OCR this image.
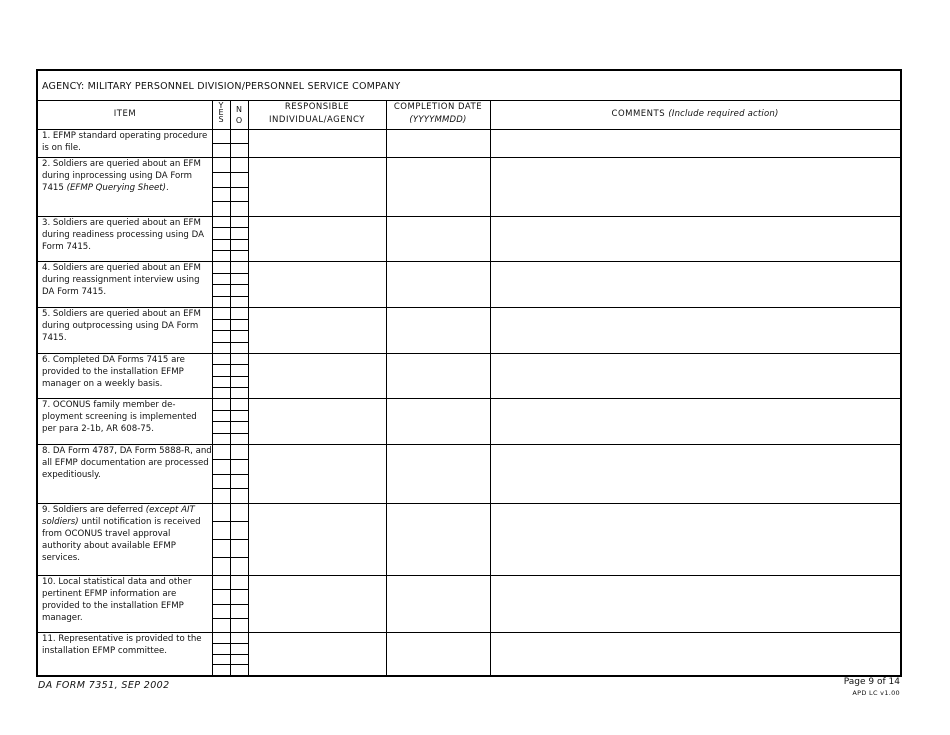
AGENCY: MILITARY PERSONNEL DIVISION/PERSONNEL SERVICE COMPANY
ITEM
Y
E
S
N
O
RESPONSIBLE
INDIVIDUAL/AGENCY
COMPLETION DATE
(YYYYMMDD)
COMMENTS (Include required action)
1. EFMP standard operating procedure is on file.
2. Soldiers are queried about an EFM during inprocessing using DA Form 7415 (EFMP Querying Sheet).
3. Soldiers are queried about an EFM during readiness processing using DA Form 7415.
4. Soldiers are queried about an EFM during reassignment interview using DA Form 7415.
5. Soldiers are queried about an EFM during outprocessing using DA Form 7415.
6. Completed DA Forms 7415 are provided to the installation EFMP manager on a weekly basis.
7. OCONUS family member de-ployment screening is implemented per para 2-1b, AR 608-75.
8. DA Form 4787, DA Form 5888-R, and all EFMP documentation are processed expeditiously.
9. Soldiers are deferred (except AIT soldiers) until notification is received from OCONUS travel approval authority about available EFMP services.
10. Local statistical data and other pertinent EFMP information are provided to the installation EFMP manager.
11. Representative is provided to the installation EFMP committee.
DA FORM 7351, SEP 2002	Page 9 of 14
APD LC v1.00
